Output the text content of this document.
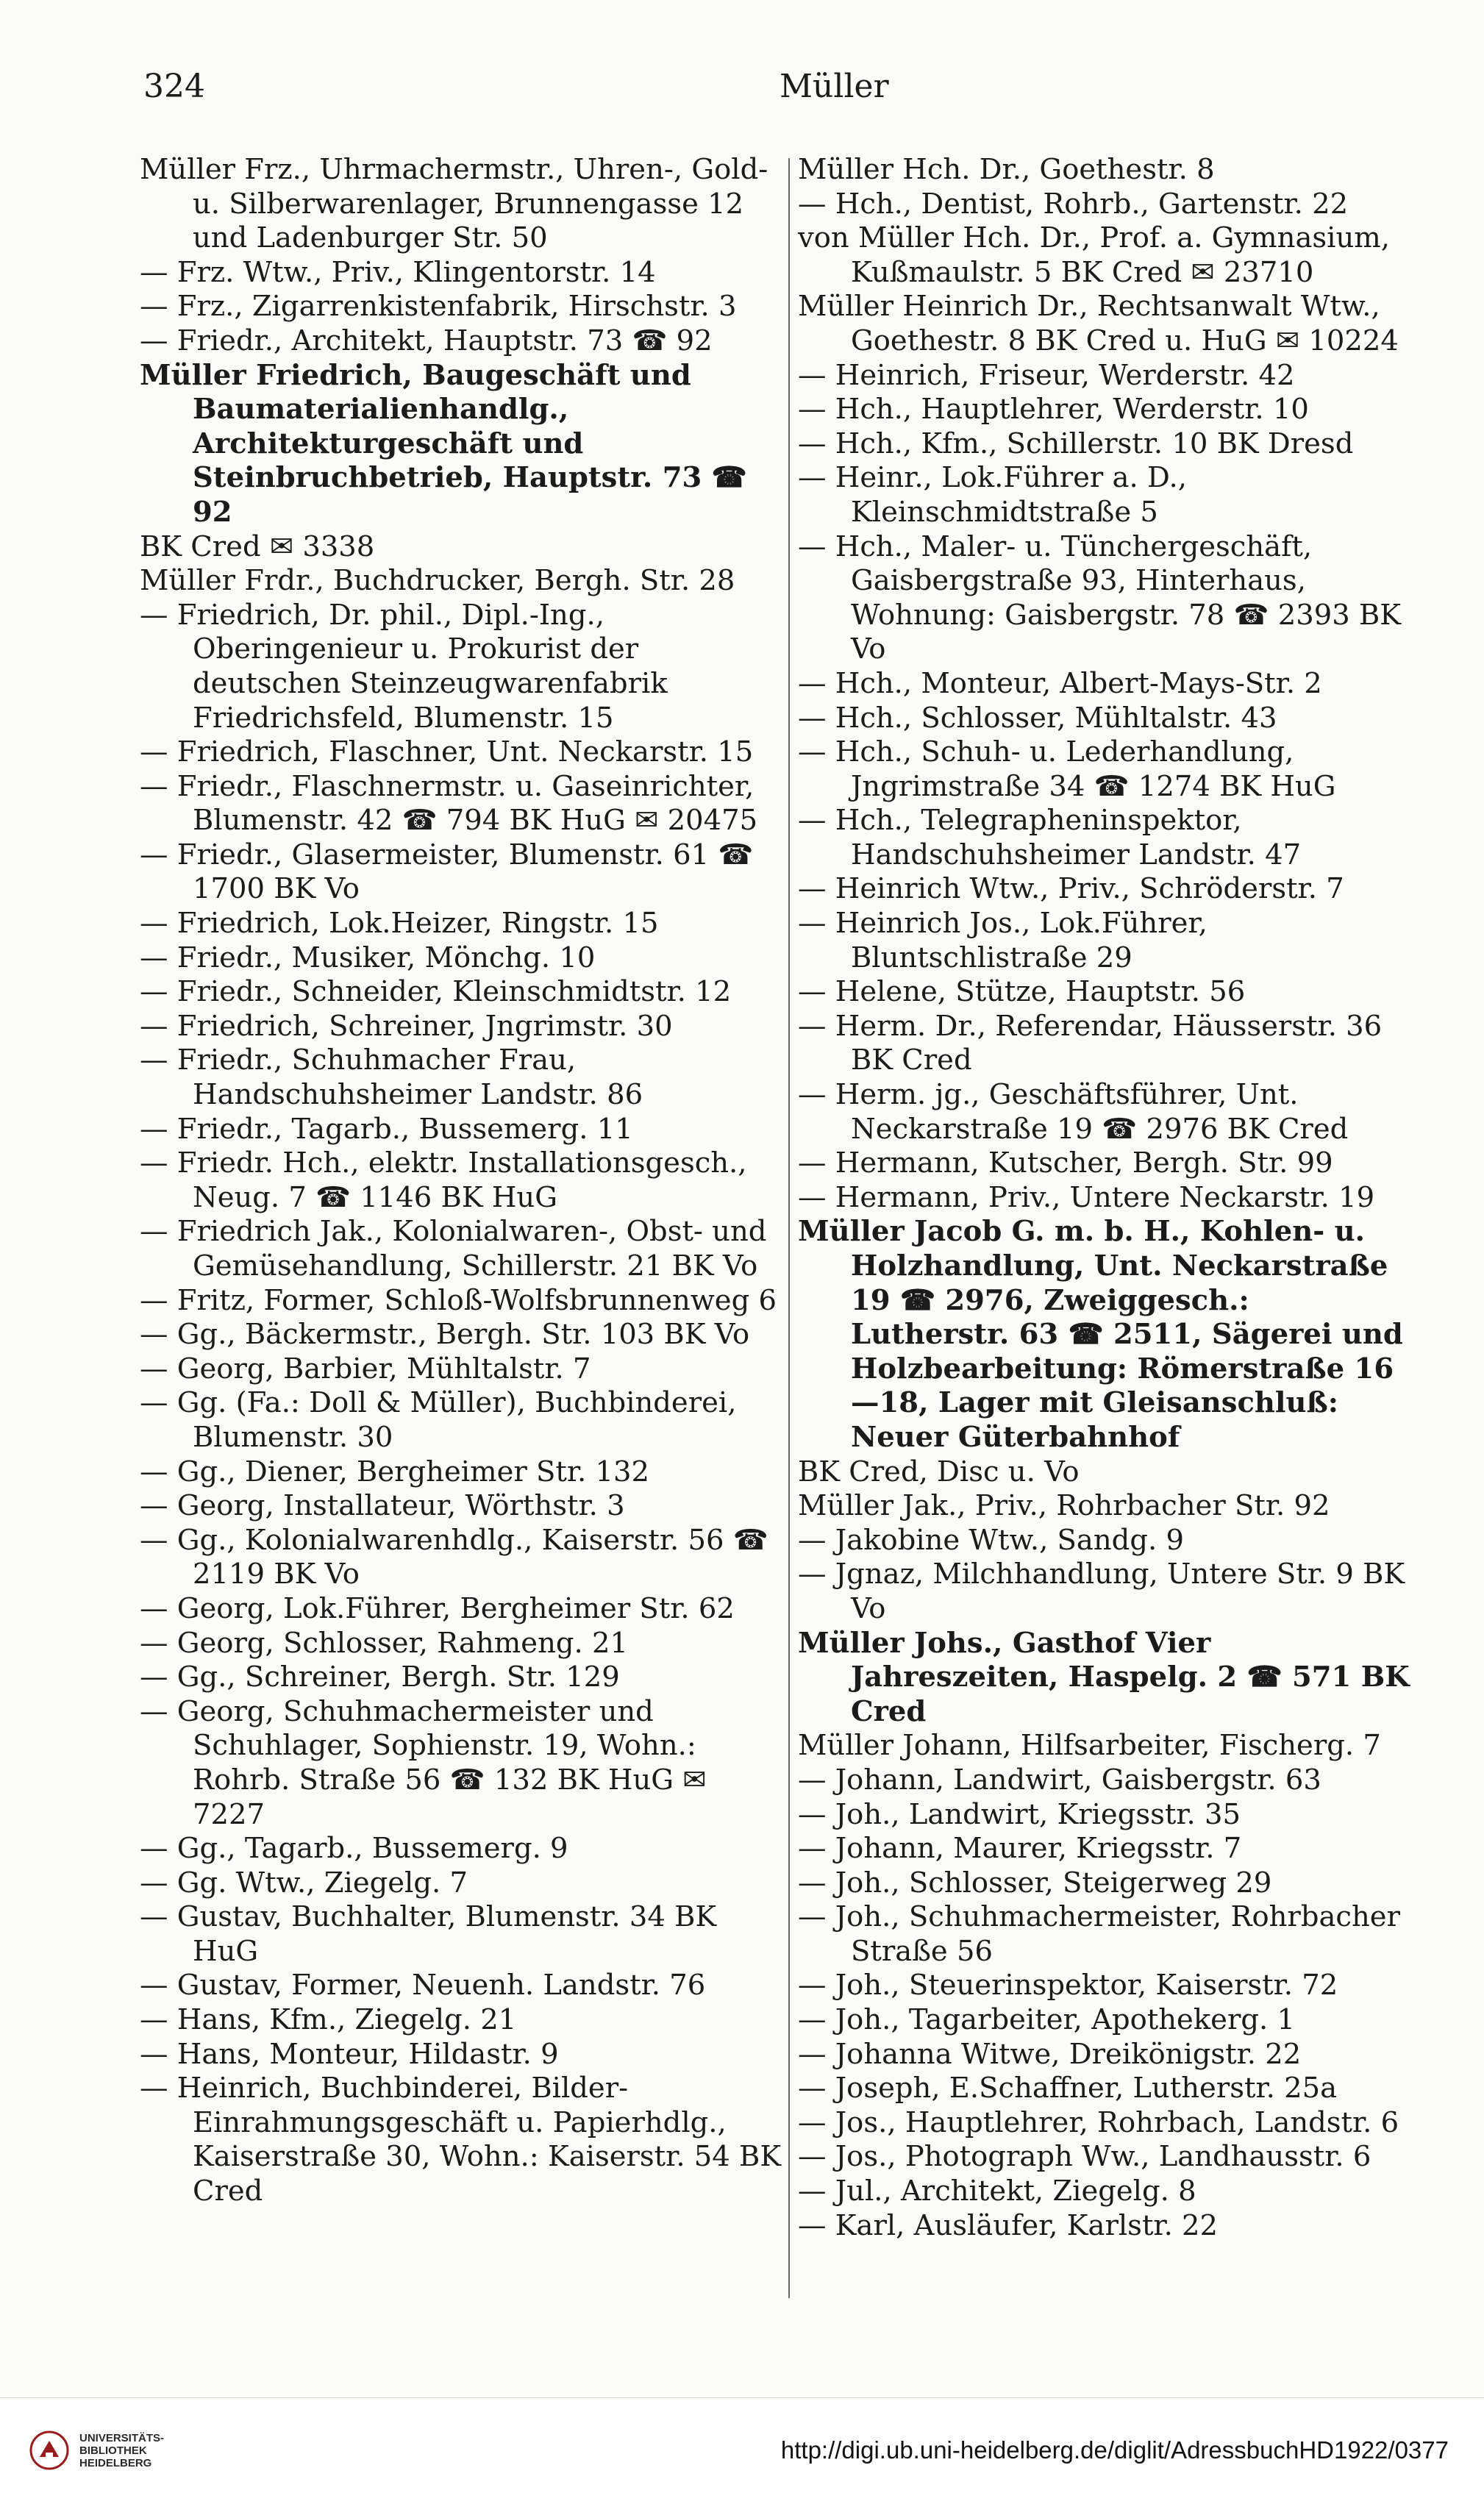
324	Müller
Müller Frz., Uhrmachermstr., Uhren-, Gold- u. Silberwarenlager, Brunnengasse 12 und Ladenburger Str. 50
— Frz. Wtw., Priv., Klingentorstr. 14
— Frz., Zigarrenkistenfabrik, Hirschstr. 3
— Friedr., Architekt, Hauptstr. 73 ☎ 92
Müller Friedrich, Baugeschäft und Baumaterialienhandlg., Architekturgeschäft und Steinbruchbetrieb, Hauptstr. 73 ☎ 92
BK Cred ✉ 3338
Müller Frdr., Buchdrucker, Bergh. Str. 28
— Friedrich, Dr. phil., Dipl.-Ing., Oberingenieur u. Prokurist der deutschen Steinzeugwarenfabrik Friedrichsfeld, Blumenstr. 15
— Friedrich, Flaschner, Unt. Neckarstr. 15
— Friedr., Flaschnermstr. u. Gaseinrichter, Blumenstr. 42 ☎ 794 BK HuG ✉ 20475
— Friedr., Glasermeister, Blumenstr. 61 ☎ 1700 BK Vo
— Friedrich, Lok.Heizer, Ringstr. 15
— Friedr., Musiker, Mönchg. 10
— Friedr., Schneider, Kleinschmidtstr. 12
— Friedrich, Schreiner, Jngrimstr. 30
— Friedr., Schuhmacher Frau, Handschuhsheimer Landstr. 86
— Friedr., Tagarb., Bussemerg. 11
— Friedr. Hch., elektr. Installationsgesch., Neug. 7 ☎ 1146 BK HuG
— Friedrich Jak., Kolonialwaren-, Obst- und Gemüsehandlung, Schillerstr. 21 BK Vo
— Fritz, Former, Schloß-Wolfsbrunnenweg 6
— Gg., Bäckermstr., Bergh. Str. 103 BK Vo
— Georg, Barbier, Mühltalstr. 7
— Gg. (Fa.: Doll & Müller), Buchbinderei, Blumenstr. 30
— Gg., Diener, Bergheimer Str. 132
— Georg, Installateur, Wörthstr. 3
— Gg., Kolonialwarenhdlg., Kaiserstr. 56 ☎ 2119 BK Vo
— Georg, Lok.Führer, Bergheimer Str. 62
— Georg, Schlosser, Rahmeng. 21
— Gg., Schreiner, Bergh. Str. 129
— Georg, Schuhmachermeister und Schuhlager, Sophienstr. 19, Wohn.: Rohrb. Straße 56 ☎ 132 BK HuG ✉ 7227
— Gg., Tagarb., Bussemerg. 9
— Gg. Wtw., Ziegelg. 7
— Gustav, Buchhalter, Blumenstr. 34 BK HuG
— Gustav, Former, Neuenh. Landstr. 76
— Hans, Kfm., Ziegelg. 21
— Hans, Monteur, Hildastr. 9
— Heinrich, Buchbinderei, Bilder-Einrahmungsgeschäft u. Papierhdlg., Kaiserstraße 30, Wohn.: Kaiserstr. 54 BK Cred
Müller Hch. Dr., Goethestr. 8
— Hch., Dentist, Rohrb., Gartenstr. 22
von Müller Hch. Dr., Prof. a. Gymnasium, Kußmaulstr. 5 BK Cred ✉ 23710
Müller Heinrich Dr., Rechtsanwalt Wtw., Goethestr. 8 BK Cred u. HuG ✉ 10224
— Heinrich, Friseur, Werderstr. 42
— Hch., Hauptlehrer, Werderstr. 10
— Hch., Kfm., Schillerstr. 10 BK Dresd
— Heinr., Lok.Führer a. D., Kleinschmidtstraße 5
— Hch., Maler- u. Tünchergeschäft, Gaisbergstraße 93, Hinterhaus, Wohnung: Gaisbergstr. 78 ☎ 2393 BK Vo
— Hch., Monteur, Albert-Mays-Str. 2
— Hch., Schlosser, Mühltalstr. 43
— Hch., Schuh- u. Lederhandlung, Jngrimstraße 34 ☎ 1274 BK HuG
— Hch., Telegrapheninspektor, Handschuhsheimer Landstr. 47
— Heinrich Wtw., Priv., Schröderstr. 7
— Heinrich Jos., Lok.Führer, Bluntschlistraße 29
— Helene, Stütze, Hauptstr. 56
— Herm. Dr., Referendar, Häusserstr. 36 BK Cred
— Herm. jg., Geschäftsführer, Unt. Neckarstraße 19 ☎ 2976 BK Cred
— Hermann, Kutscher, Bergh. Str. 99
— Hermann, Priv., Untere Neckarstr. 19
Müller Jacob G. m. b. H., Kohlen- u. Holzhandlung, Unt. Neckarstraße 19 ☎ 2976, Zweiggesch.: Lutherstr. 63 ☎ 2511, Sägerei und Holzbearbeitung: Römerstraße 16—18, Lager mit Gleisanschluß: Neuer Güterbahnhof
BK Cred, Disc u. Vo
Müller Jak., Priv., Rohrbacher Str. 92
— Jakobine Wtw., Sandg. 9
— Jgnaz, Milchhandlung, Untere Str. 9 BK Vo
Müller Johs., Gasthof Vier Jahreszeiten, Haspelg. 2 ☎ 571 BK Cred
Müller Johann, Hilfsarbeiter, Fischerg. 7
— Johann, Landwirt, Gaisbergstr. 63
— Joh., Landwirt, Kriegsstr. 35
— Johann, Maurer, Kriegsstr. 7
— Joh., Schlosser, Steigerweg 29
— Joh., Schuhmachermeister, Rohrbacher Straße 56
— Joh., Steuerinspektor, Kaiserstr. 72
— Joh., Tagarbeiter, Apothekerg. 1
— Johanna Witwe, Dreikönigstr. 22
— Joseph, E.Schaffner, Lutherstr. 25a
— Jos., Hauptlehrer, Rohrbach, Landstr. 6
— Jos., Photograph Ww., Landhausstr. 6
— Jul., Architekt, Ziegelg. 8
— Karl, Ausläufer, Karlstr. 22
UNIVERSITÄTS-
BIBLIOTHEK
HEIDELBERG	http://digi.ub.uni-heidelberg.de/diglit/AdressbuchHD1922/0377
